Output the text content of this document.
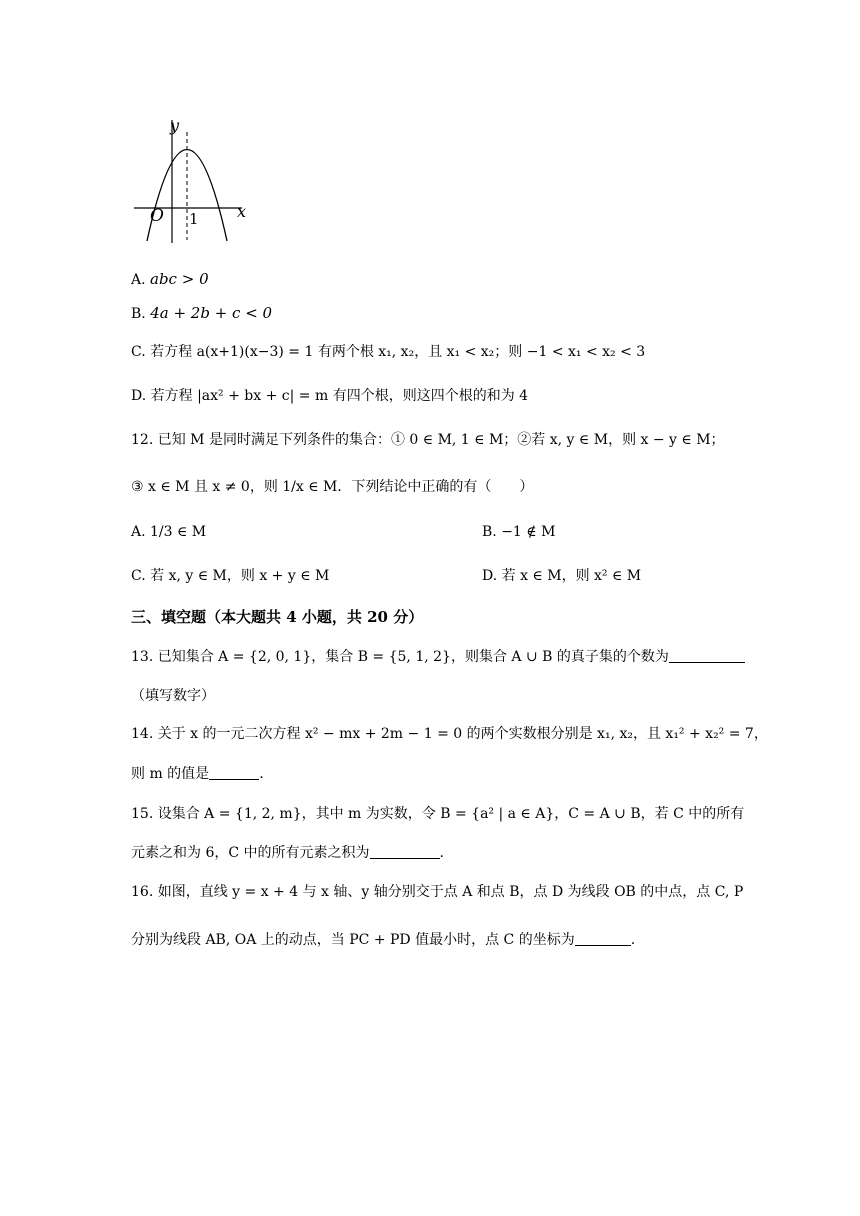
y
x
O 1
A. abc > 0
B. 4a + 2b + c < 0
C. 若方程 a(x+1)(x−3) = 1 有两个根 x₁, x₂，且 x₁ < x₂；则 −1 < x₁ < x₂ < 3
D. 若方程 |ax² + bx + c| = m 有四个根，则这四个根的和为 4
12. 已知 M 是同时满足下列条件的集合：① 0 ∈ M, 1 ∈ M；②若 x, y ∈ M，则 x − y ∈ M；
③ x ∈ M 且 x ≠ 0，则 1/x ∈ M．下列结论中正确的有（　　）
A. 1/3 ∈ M	B. −1 ∉ M
C. 若 x, y ∈ M，则 x + y ∈ M	D. 若 x ∈ M，则 x² ∈ M
三、填空题（本大题共 4 小题，共 20 分）
13. 已知集合 A = {2, 0, 1}，集合 B = {5, 1, 2}，则集合 A ∪ B 的真子集的个数为
（填写数字）
14. 关于 x 的一元二次方程 x² − mx + 2m − 1 = 0 的两个实数根分别是 x₁, x₂，且 x₁² + x₂² = 7，
则 m 的值是	.
15. 设集合 A = {1, 2, m}，其中 m 为实数，令 B = {a² | a ∈ A}，C = A ∪ B，若 C 中的所有
元素之和为 6，C 中的所有元素之积为	.
16. 如图，直线 y = x + 4 与 x 轴、y 轴分别交于点 A 和点 B，点 D 为线段 OB 的中点，点 C, P
分别为线段 AB, OA 上的动点，当 PC + PD 值最小时，点 C 的坐标为	.
